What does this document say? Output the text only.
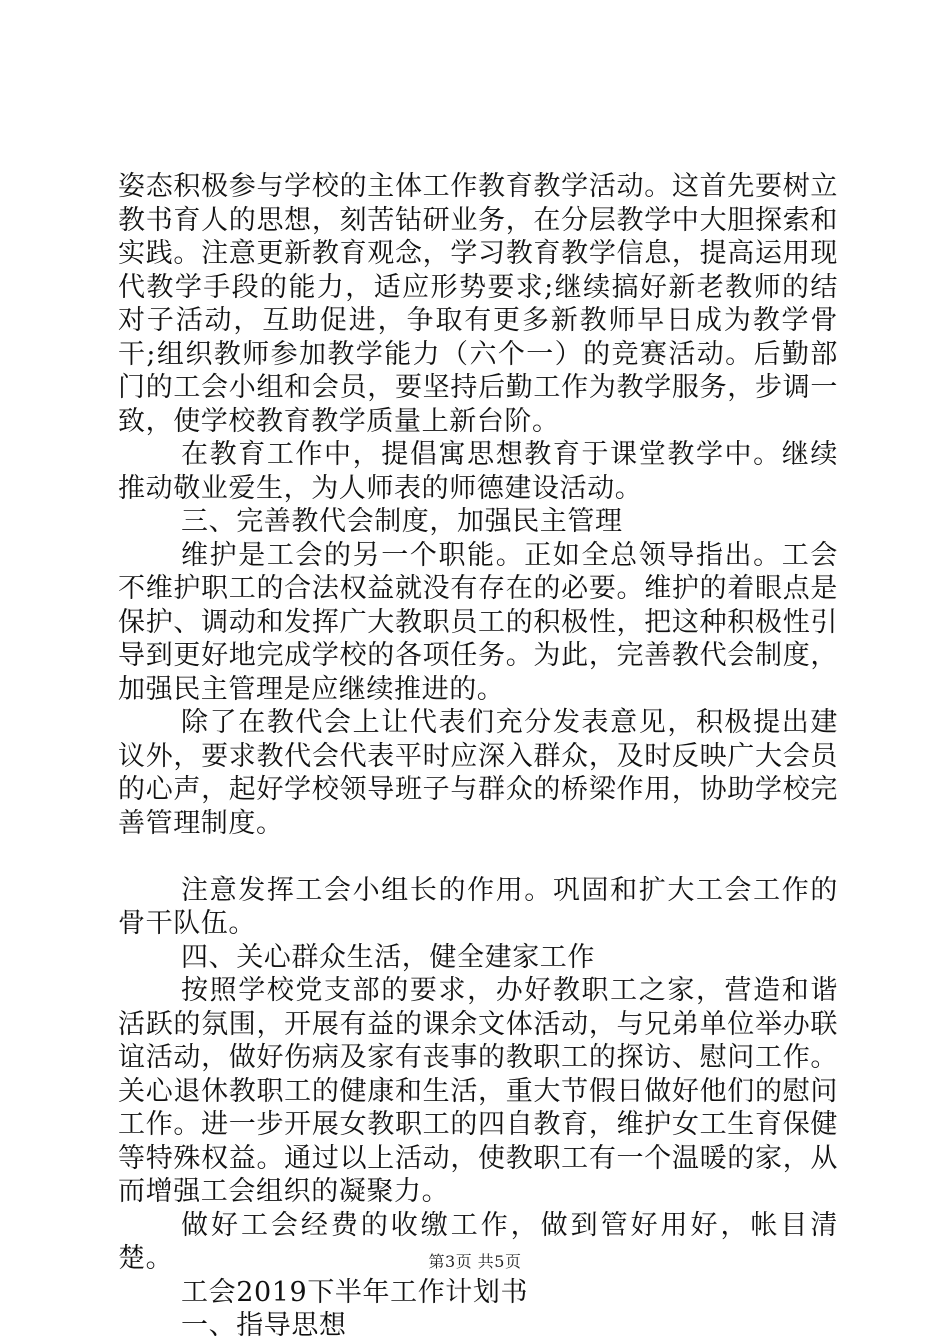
姿态积极参与学校的主体工作教育教学活动。这首先要树立教书育人的思想，刻苦钻研业务，在分层教学中大胆探索和实践。注意更新教育观念，学习教育教学信息，提高运用现代教学手段的能力，适应形势要求;继续搞好新老教师的结对子活动，互助促进，争取有更多新教师早日成为教学骨干;组织教师参加教学能力（六个一）的竞赛活动。后勤部门的工会小组和会员，要坚持后勤工作为教学服务，步调一致，使学校教育教学质量上新台阶。

在教育工作中，提倡寓思想教育于课堂教学中。继续推动敬业爱生，为人师表的师德建设活动。

三、完善教代会制度，加强民主管理

维护是工会的另一个职能。正如全总领导指出。工会不维护职工的合法权益就没有存在的必要。维护的着眼点是保护、调动和发挥广大教职员工的积极性，把这种积极性引导到更好地完成学校的各项任务。为此，完善教代会制度，加强民主管理是应继续推进的。

除了在教代会上让代表们充分发表意见，积极提出建议外，要求教代会代表平时应深入群众，及时反映广大会员的心声，起好学校领导班子与群众的桥梁作用，协助学校完善管理制度。

注意发挥工会小组长的作用。巩固和扩大工会工作的骨干队伍。

四、关心群众生活，健全建家工作

按照学校党支部的要求，办好教职工之家，营造和谐活跃的氛围，开展有益的课余文体活动，与兄弟单位举办联谊活动，做好伤病及家有丧事的教职工的探访、慰问工作。关心退休教职工的健康和生活，重大节假日做好他们的慰问工作。进一步开展女教职工的四自教育，维护女工生育保健等特殊权益。通过以上活动，使教职工有一个温暖的家，从而增强工会组织的凝聚力。

做好工会经费的收缴工作，做到管好用好，帐目清楚。

工会2019下半年工作计划书

一、指导思想

第3页 共5页
